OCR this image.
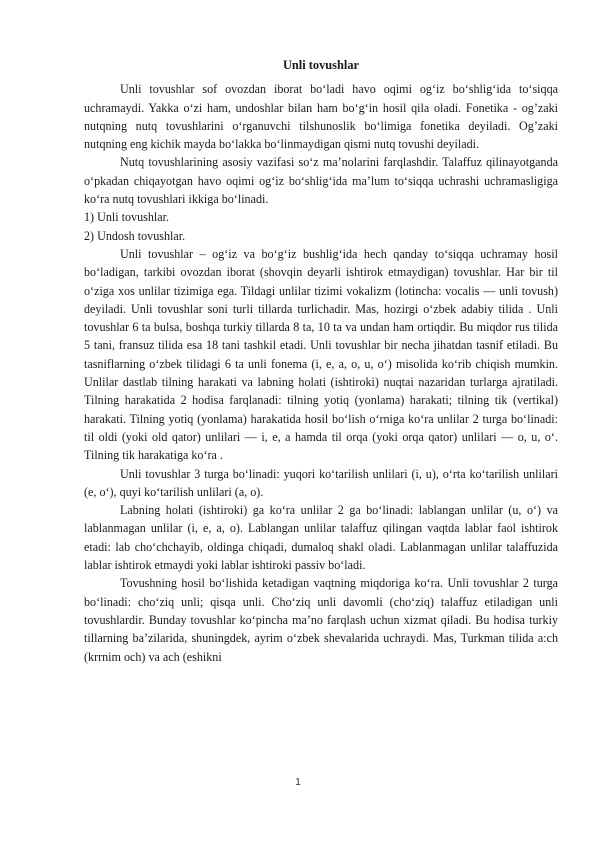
Unli tovushlar

Unli tovushlar sof ovozdan iborat boʻladi havo oqimi ogʻiz boʻshligʻida toʻsiqqa uchramaydi. Yakka oʻzi ham, undoshlar bilan ham boʻgʻin hosil qila oladi. Fonetika - og’zaki nutqning nutq tovushlarini oʻrganuvchi tilshunoslik boʻlimiga fonetika deyiladi. Og’zaki nutqning eng kichik mayda boʻlakka boʻlinmaydigan qismi nutq tovushi deyiladi.

Nutq tovushlarining asosiy vazifasi soʻz maʼnolarini farqlashdir. Talaffuz qilinayotganda oʻpkadan chiqayotgan havo oqimi ogʻiz boʻshligʻida maʼlum toʻsiqqa uchrashi uchramasligiga koʻra nutq tovushlari ikkiga boʻlinadi.

1) Unli tovushlar.

2) Undosh tovushlar.

Unli tovushlar – ogʻiz va boʻgʻiz bushligʻida hech qanday toʻsiqqa uchramay hosil boʻladigan, tarkibi ovozdan iborat (shovqin deyarli ishtirok etmaydigan) tovushlar. Har bir til oʻziga xos unlilar tizimiga ega. Tildagi unlilar tizimi vokalizm (lotincha: vocalis — unli tovush) deyiladi. Unli tovushlar soni turli tillarda turlichadir. Mas, hozirgi oʻzbek adabiy tilida . Unli tovushlar 6 ta bulsa, boshqa turkiy tillarda 8 ta, 10 ta va undan ham ortiqdir. Bu miqdor rus tilida 5 tani, fransuz tilida esa 18 tani tashkil etadi. Unli tovushlar bir necha jihatdan tasnif etiladi. Bu tasniflarning oʻzbek tilidagi 6 ta unli fonema (i, e, a, o, u, oʻ) misolida koʻrib chiqish mumkin. Unlilar dastlab tilning harakati va labning holati (ishtiroki) nuqtai nazaridan turlarga ajratiladi. Tilning harakatida 2 hodisa farqlanadi: tilning yotiq (yonlama) harakati; tilning tik (vertikal) harakati. Tilning yotiq (yonlama) harakatida hosil boʻlish oʻrniga koʻra unlilar 2 turga boʻlinadi: til oldi (yoki old qator) unlilari — i, e, a hamda til orqa (yoki orqa qator) unlilari — o, u, oʻ. Tilning tik harakatiga koʻra .

Unli tovushlar 3 turga boʻlinadi: yuqori koʻtarilish unlilari (i, u), oʻrta koʻtarilish unlilari (e, oʻ), quyi koʻtarilish unlilari (a, o).

Labning holati (ishtiroki) ga koʻra unlilar 2 ga boʻlinadi: lablangan unlilar (u, oʻ) va lablanmagan unlilar (i, e, a, o). Lablangan unlilar talaffuz qilingan vaqtda lablar faol ishtirok etadi: lab choʻchchayib, oldinga chiqadi, dumaloq shakl oladi. Lablanmagan unlilar talaffuzida lablar ishtirok etmaydi yoki lablar ishtiroki passiv boʻladi.

Tovushning hosil boʻlishida ketadigan vaqtning miqdoriga koʻra. Unli tovushlar 2 turga boʻlinadi: choʻziq unli; qisqa unli. Choʻziq unli davomli (choʻziq) talaffuz etiladigan unli tovushlardir. Bunday tovushlar koʻpincha maʼno farqlash uchun xizmat qiladi. Bu hodisa turkiy tillarning baʼzilarida, shuningdek, ayrim oʻzbek shevalarida uchraydi. Mas, Turkman tilida a:ch (krrnim och) va ach (eshikni

1
